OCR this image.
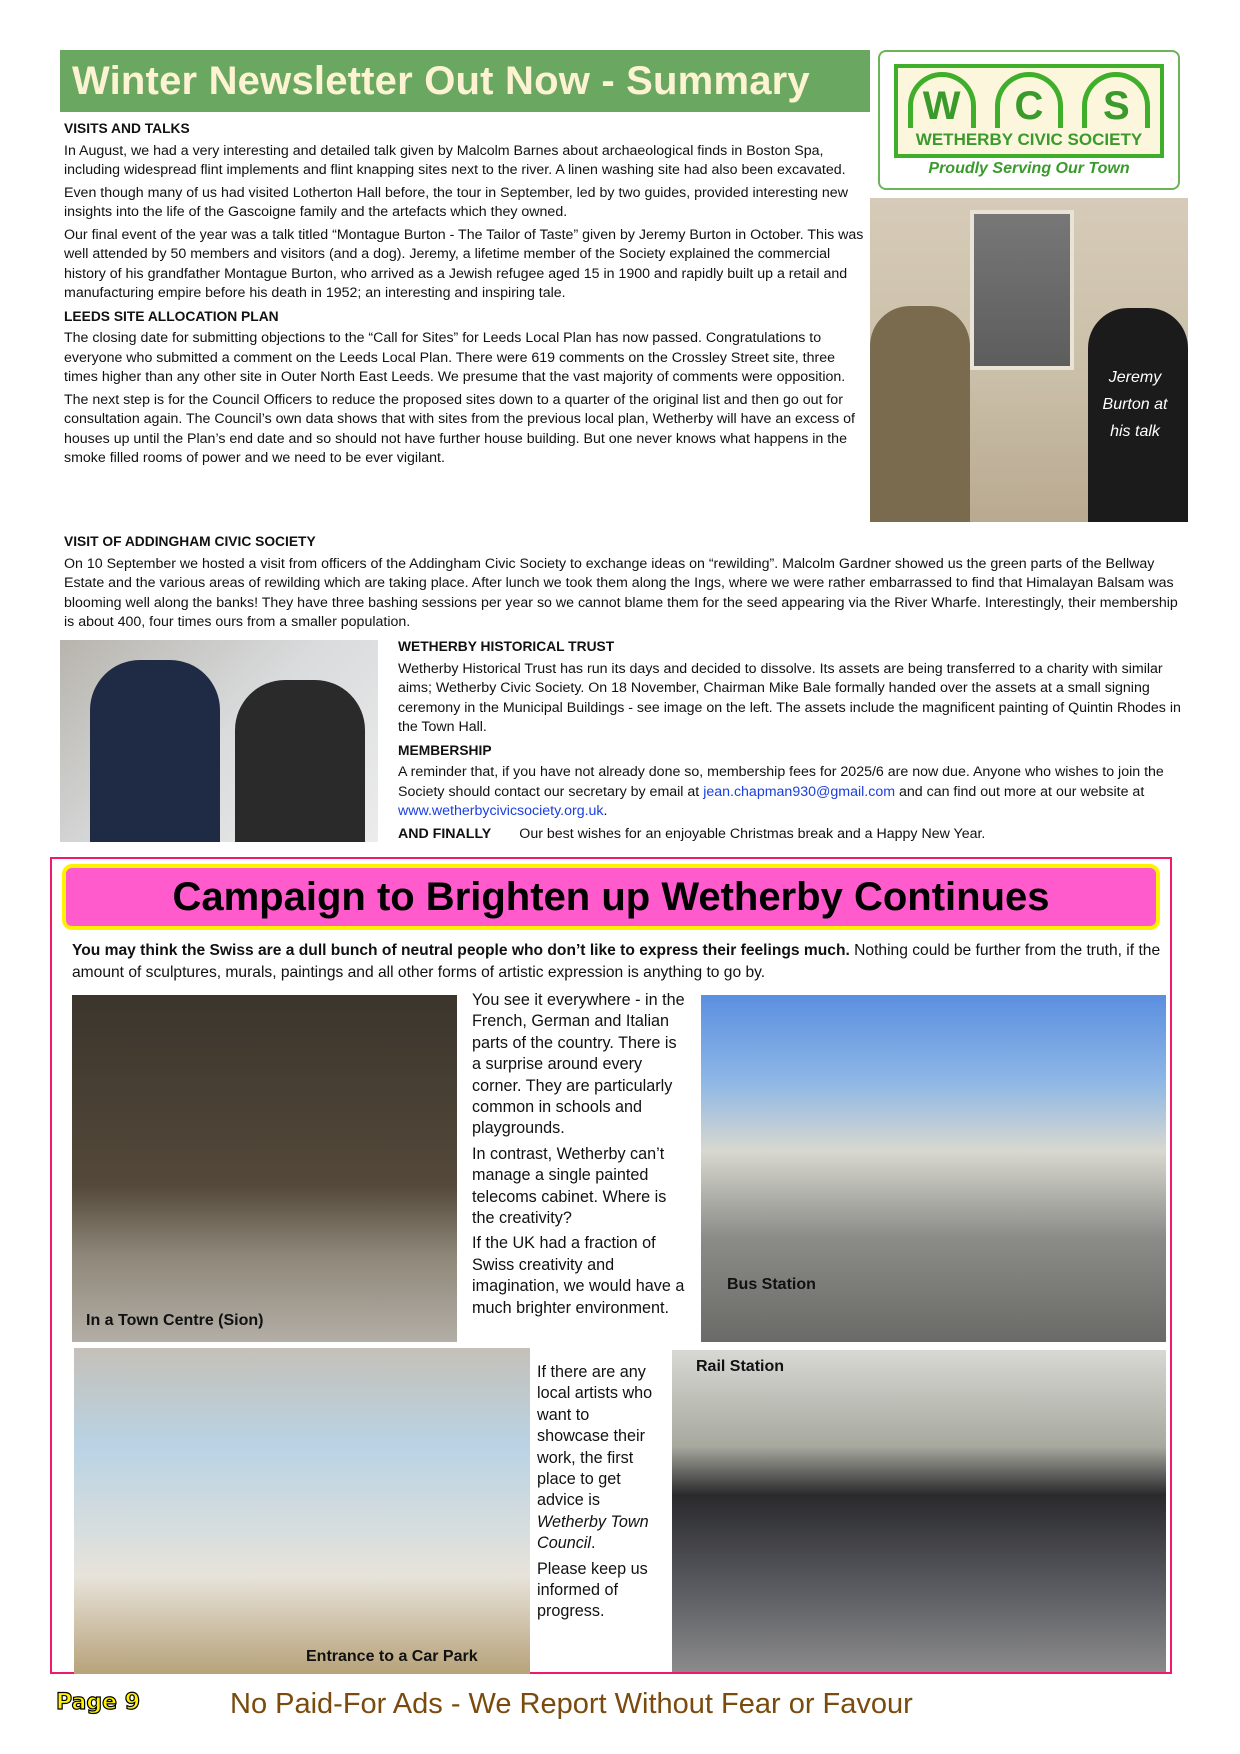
Winter Newsletter Out Now - Summary
W	C	S
WETHERBY CIVIC SOCIETY
Proudly Serving Our Town
VISITS AND TALKS

In August, we had a very interesting and detailed talk given by Malcolm Barnes about archaeological finds in Boston Spa, including widespread flint implements and flint knapping sites next to the river. A linen washing site had also been excavated.

Even though many of us had visited Lotherton Hall before, the tour in September, led by two guides, provided interesting new insights into the life of the Gascoigne family and the artefacts which they owned.

Our final event of the year was a talk titled “Montague Burton - The Tailor of Taste” given by Jeremy Burton in October. This was well attended by 50 members and visitors (and a dog). Jeremy, a lifetime member of the Society explained the commercial history of his grandfather Montague Burton, who arrived as a Jewish refugee aged 15 in 1900 and rapidly built up a retail and manufacturing empire before his death in 1952; an interesting and inspiring tale.

LEEDS SITE ALLOCATION PLAN

The closing date for submitting objections to the “Call for Sites” for Leeds Local Plan has now passed. Congratulations to everyone who submitted a comment on the Leeds Local Plan. There were 619 comments on the Crossley Street site, three times higher than any other site in Outer North East Leeds. We presume that the vast majority of comments were opposition.

The next step is for the Council Officers to reduce the proposed sites down to a quarter of the original list and then go out for consultation again. The Council’s own data shows that with sites from the previous local plan, Wetherby will have an excess of houses up until the Plan’s end date and so should not have further house building. But one never knows what happens in the smoke filled rooms of power and we need to be ever vigilant.

Jeremy
Burton at
his talk
VISIT OF ADDINGHAM CIVIC SOCIETY

On 10 September we hosted a visit from officers of the Addingham Civic Society to exchange ideas on “rewilding”. Malcolm Gardner showed us the green parts of the Bellway Estate and the various areas of rewilding which are taking place. After lunch we took them along the Ings, where we were rather embarrassed to find that Himalayan Balsam was blooming well along the banks! They have three bashing sessions per year so we cannot blame them for the seed appearing via the River Wharfe. Interestingly, their membership is about 400, four times ours from a smaller population.

WETHERBY HISTORICAL TRUST

Wetherby Historical Trust has run its days and decided to dissolve. Its assets are being transferred to a charity with similar aims; Wetherby Civic Society. On 18 November, Chairman Mike Bale formally handed over the assets at a small signing ceremony in the Municipal Buildings - see image on the left. The assets include the magnificent painting of Quintin Rhodes in the Town Hall.

MEMBERSHIP

A reminder that, if you have not already done so, membership fees for 2025/6 are now due. Anyone who wishes to join the Society should contact our secretary by email at jean.chapman930@gmail.com and can find out more at our website at www.wetherbycivicsociety.org.uk.

AND FINALLY Our best wishes for an enjoyable Christmas break and a Happy New Year.

Campaign to Brighten up Wetherby Continues
You may think the Swiss are a dull bunch of neutral people who don’t like to express their feelings much. Nothing could be further from the truth, if the amount of sculptures, murals, paintings and all other forms of artistic expression is anything to go by.
In a Town Centre (Sion)

You see it everywhere - in the French, German and Italian parts of the country. There is a surprise around every corner. They are particularly common in schools and playgrounds.

In contrast, Wetherby can’t manage a single painted telecoms cabinet. Where is the creativity?

If the UK had a fraction of Swiss creativity and imagination, we would have a much brighter environment.

Bus Station
Entrance to a Car Park

If there are any local artists who want to showcase their work, the first place to get advice is Wetherby Town Council.

Please keep us informed of progress.

Rail Station
Page 9	No Paid-For Ads - We Report Without Fear or Favour
